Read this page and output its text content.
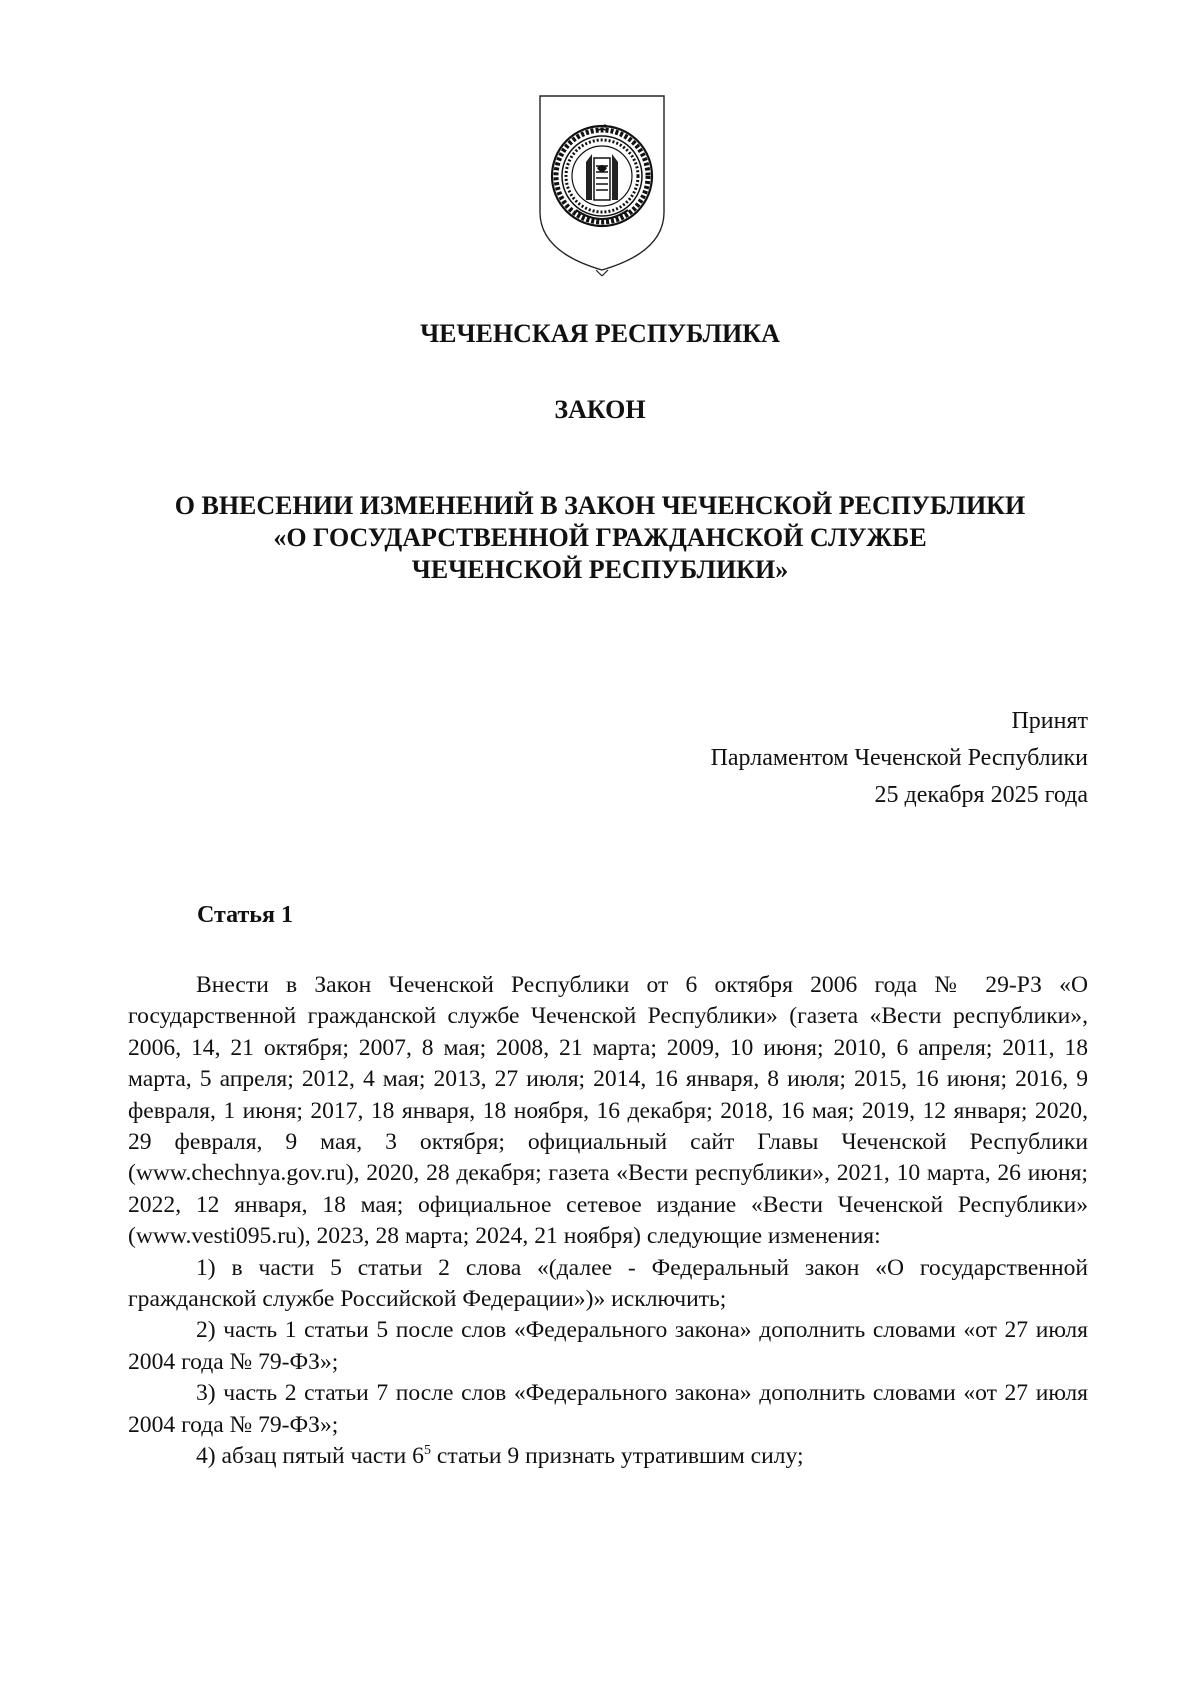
ЧЕЧЕНСКАЯ РЕСПУБЛИКА
ЗАКОН
О ВНЕСЕНИИ ИЗМЕНЕНИЙ В ЗАКОН ЧЕЧЕНСКОЙ РЕСПУБЛИКИ
«О ГОСУДАРСТВЕННОЙ ГРАЖДАНСКОЙ СЛУЖБЕ
ЧЕЧЕНСКОЙ РЕСПУБЛИКИ»
Принят
Парламентом Чеченской Республики
25 декабря 2025 года
Статья 1

Внести в Закон Чеченской Республики от 6 октября 2006 года № 29-РЗ «О государственной гражданской службе Чеченской Республики» (газета «Вести республики», 2006, 14, 21 октября; 2007, 8 мая; 2008, 21 марта; 2009, 10 июня; 2010, 6 апреля; 2011, 18 марта, 5 апреля; 2012, 4 мая; 2013, 27 июля; 2014, 16 января, 8 июля; 2015, 16 июня; 2016, 9 февраля, 1 июня; 2017, 18 января, 18 ноября, 16 декабря; 2018, 16 мая; 2019, 12 января; 2020, 29 февраля, 9 мая, 3 октября; официальный сайт Главы Чеченской Республики (www.chechnya.gov.ru), 2020, 28 декабря; газета «Вести республики», 2021, 10 марта, 26 июня; 2022, 12 января, 18 мая; официальное сетевое издание «Вести Чеченской Республики» (www.vesti095.ru), 2023, 28 марта; 2024, 21 ноября) следующие изменения:

1) в части 5 статьи 2 слова «(далее - Федеральный закон «О государственной гражданской службе Российской Федерации»)» исключить;

2) часть 1 статьи 5 после слов «Федерального закона» дополнить словами «от 27 июля 2004 года № 79-ФЗ»;

3) часть 2 статьи 7 после слов «Федерального закона» дополнить словами «от 27 июля 2004 года № 79-ФЗ»;

4) абзац пятый части $6^5$ статьи 9 признать утратившим силу;
